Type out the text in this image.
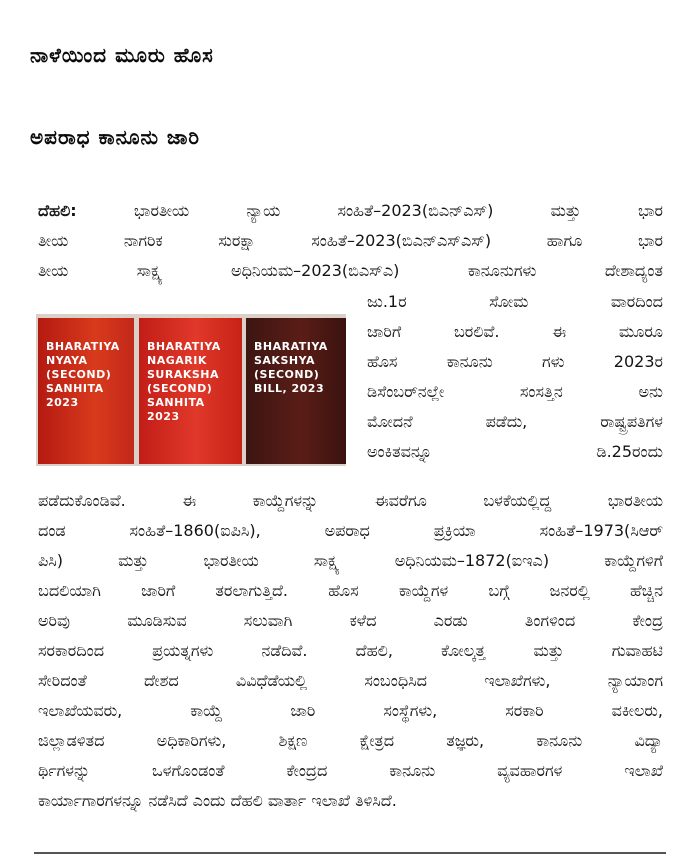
ನಾಳೆಯಿಂದ ಮೂರು ಹೊಸ
ಅಪರಾಧ ಕಾನೂನು ಜಾರಿ
ದೆಹಲಿ:	ಭಾರತೀಯ ನ್ಯಾಯ ಸಂಹಿತೆ–2023(ಬಿಎನ್‌ಎಸ್) ಮತ್ತು ಭಾರ
ತೀಯ ನಾಗರಿಕ ಸುರಕ್ಷಾ ಸಂಹಿತೆ–2023(ಬಿಎನ್‌ಎಸ್‌ಎಸ್) ಹಾಗೂ ಭಾರ
ತೀಯ ಸಾಕ್ಷ್ಯ ಅಧಿನಿಯಮ–2023(ಬಿಎಸ್‌ಎ) ಕಾನೂನುಗಳು ದೇಶಾದ್ಯಂತ
BHARATIYA
NYAYA
(SECOND)
SANHITA
2023
BHARATIYA
NAGARIK
SURAKSHA
(SECOND)
SANHITA
2023
BHARATIYA
SAKSHYA
(SECOND)
BILL, 2023
ಜು.1ರ ಸೋಮ ವಾರದಿಂದ
ಜಾರಿಗೆ ಬರಲಿವೆ. ಈ ಮೂರೂ
ಹೊಸ ಕಾನೂನು ಗಳು 2023ರ
ಡಿಸೆಂಬರ್‌ನಲ್ಲೇ ಸಂಸತ್ತಿನ ಅನು
ಮೋದನೆ ಪಡೆದು, ರಾಷ್ಟ್ರಪತಿಗಳ
ಅಂಕಿತವನ್ನೂ ಡಿ.25ರಂದು
ಪಡೆದುಕೊಂಡಿವೆ. ಈ ಕಾಯ್ದೆಗಳನ್ನು ಈವರೆಗೂ ಬಳಕೆಯಲ್ಲಿದ್ದ ಭಾರತೀಯ
ದಂಡ ಸಂಹಿತೆ–1860(ಐಪಿಸಿ), ಅಪರಾಧ ಪ್ರಕ್ರಿಯಾ ಸಂಹಿತೆ–1973(ಸಿಆರ್
ಪಿಸಿ) ಮತ್ತು ಭಾರತೀಯ ಸಾಕ್ಷ್ಯ ಅಧಿನಿಯಮ–1872(ಐಇಎ) ಕಾಯ್ದೆಗಳಿಗೆ
ಬದಲಿಯಾಗಿ ಜಾರಿಗೆ ತರಲಾಗುತ್ತಿದೆ. ಹೊಸ ಕಾಯ್ದೆಗಳ ಬಗ್ಗೆ ಜನರಲ್ಲಿ ಹೆಚ್ಚಿನ
ಅರಿವು ಮೂಡಿಸುವ ಸಲುವಾಗಿ ಕಳೆದ ಎರಡು ತಿಂಗಳಿಂದ ಕೇಂದ್ರ
ಸರಕಾರದಿಂದ ಪ್ರಯತ್ನಗಳು ನಡೆದಿವೆ. ದೆಹಲಿ, ಕೋಲ್ಕತ್ತ ಮತ್ತು ಗುವಾಹಟಿ
ಸೇರಿದಂತೆ ದೇಶದ ವಿವಿಧೆಡೆಯಲ್ಲಿ ಸಂಬಂಧಿಸಿದ ಇಲಾಖೆಗಳು, ನ್ಯಾಯಾಂಗ
ಇಲಾಖೆಯವರು, ಕಾಯ್ದೆ ಜಾರಿ ಸಂಸ್ಥೆಗಳು, ಸರಕಾರಿ ವಕೀಲರು,
ಜಿಲ್ಲಾಡಳಿತದ ಅಧಿಕಾರಿಗಳು, ಶಿಕ್ಷಣ ಕ್ಷೇತ್ರದ ತಜ್ಞರು, ಕಾನೂನು ವಿದ್ಯಾ
ರ್ಥಿಗಳನ್ನು ಒಳಗೊಂಡಂತೆ ಕೇಂದ್ರದ ಕಾನೂನು ವ್ಯವಹಾರಗಳ ಇಲಾಖೆ
ಕಾರ್ಯಾಗಾರಗಳನ್ನೂ ನಡೆಸಿದೆ ಎಂದು ದೆಹಲಿ ವಾರ್ತಾ ಇಲಾಖೆ ತಿಳಿಸಿದೆ.
